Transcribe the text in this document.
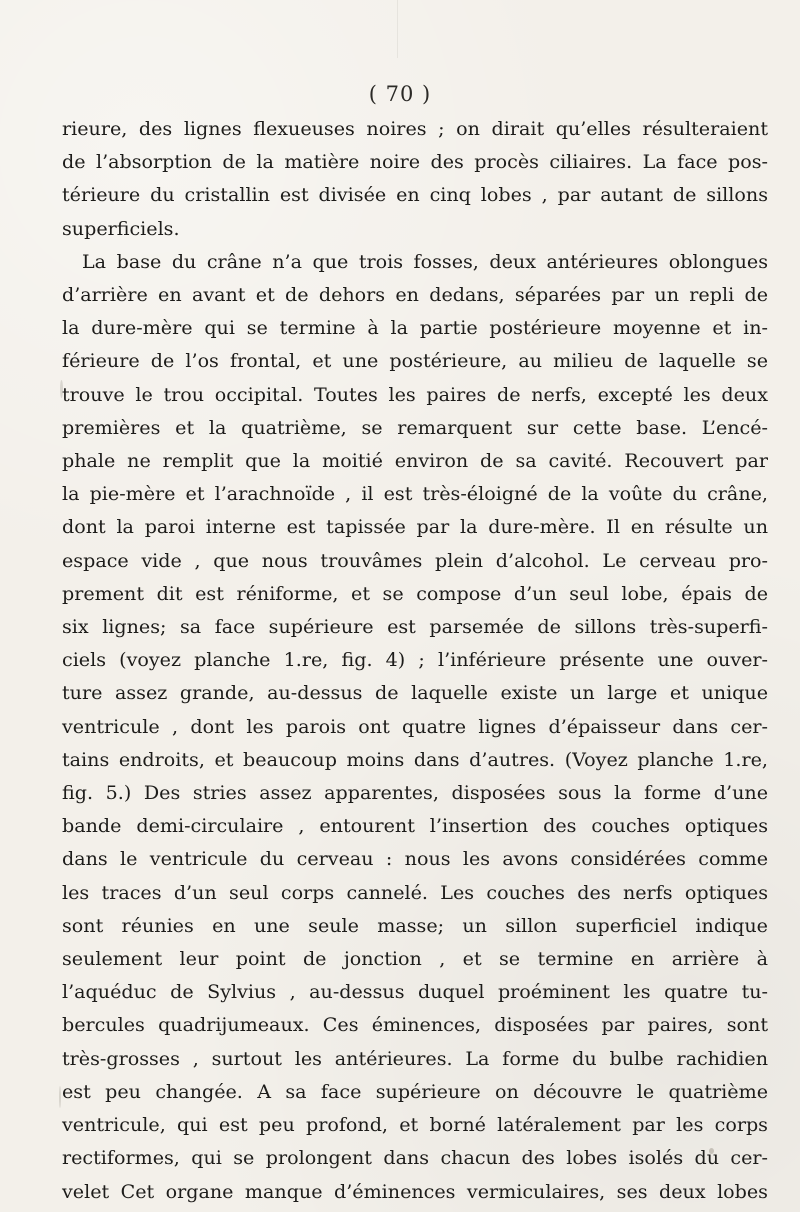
( 70 )
rieure, des lignes flexueuses noires ; on dirait qu’elles résulteraient
de l’absorption de la matière noire des procès ciliaires. La face pos-
térieure du cristallin est divisée en cinq lobes , par autant de sillons
superficiels.
La base du crâne n’a que trois fosses, deux antérieures oblongues
d’arrière en avant et de dehors en dedans, séparées par un repli de
la dure-mère qui se termine à la partie postérieure moyenne et in-
férieure de l’os frontal, et une postérieure, au milieu de laquelle se
trouve le trou occipital. Toutes les paires de nerfs, excepté les deux
premières et la quatrième, se remarquent sur cette base. L’encé-
phale ne remplit que la moitié environ de sa cavité. Recouvert par
la pie-mère et l’arachnoïde , il est très-éloigné de la voûte du crâne,
dont la paroi interne est tapissée par la dure-mère. Il en résulte un
espace vide , que nous trouvâmes plein d’alcohol. Le cerveau pro-
prement dit est réniforme, et se compose d’un seul lobe, épais de
six lignes; sa face supérieure est parsemée de sillons très-superfi-
ciels (voyez planche 1.re, fig. 4) ; l’inférieure présente une ouver-
ture assez grande, au-dessus de laquelle existe un large et unique
ventricule , dont les parois ont quatre lignes d’épaisseur dans cer-
tains endroits, et beaucoup moins dans d’autres. (Voyez planche 1.re,
fig. 5.) Des stries assez apparentes, disposées sous la forme d’une
bande demi-circulaire , entourent l’insertion des couches optiques
dans le ventricule du cerveau : nous les avons considérées comme
les traces d’un seul corps cannelé. Les couches des nerfs optiques
sont réunies en une seule masse; un sillon superficiel indique
seulement leur point de jonction , et se termine en arrière à
l’aquéduc de Sylvius , au-dessus duquel proéminent les quatre tu-
bercules quadrijumeaux. Ces éminences, disposées par paires, sont
très-grosses , surtout les antérieures. La forme du bulbe rachidien
est peu changée. A sa face supérieure on découvre le quatrième
ventricule, qui est peu profond, et borné latéralement par les corps
rectiformes, qui se prolongent dans chacun des lobes isolés du cer-
velet Cet organe manque d’éminences vermiculaires, ses deux lobes
